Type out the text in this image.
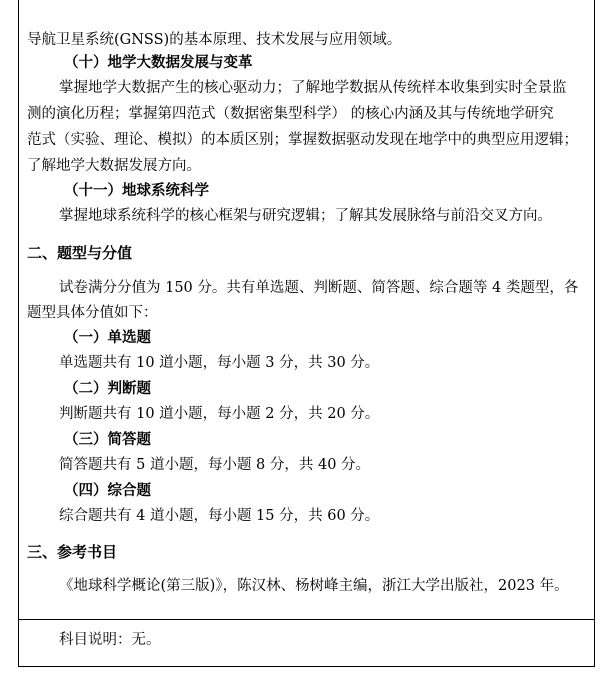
导航卫星系统(GNSS)的基本原理、技术发展与应用领域。
（十）地学大数据发展与变革
掌握地学大数据产生的核心驱动力；了解地学数据从传统样本收集到实时全景监
测的演化历程；掌握第四范式（数据密集型科学） 的核心内涵及其与传统地学研究
范式（实验、理论、模拟）的本质区别；掌握数据驱动发现在地学中的典型应用逻辑；
了解地学大数据发展方向。
（十一）地球系统科学
掌握地球系统科学的核心框架与研究逻辑；了解其发展脉络与前沿交叉方向。
二、题型与分值
试卷满分分值为 150 分。共有单选题、判断题、简答题、综合题等 4 类题型，各
题型具体分值如下：
（一）单选题
单选题共有 10 道小题，每小题 3 分，共 30 分。
（二）判断题
判断题共有 10 道小题，每小题 2 分，共 20 分。
（三）简答题
简答题共有 5 道小题，每小题 8 分，共 40 分。
（四）综合题
综合题共有 4 道小题，每小题 15 分，共 60 分。
三、参考书目
《地球科学概论(第三版)》，陈汉林、杨树峰主编，浙江大学出版社，2023 年。
科目说明：无。
